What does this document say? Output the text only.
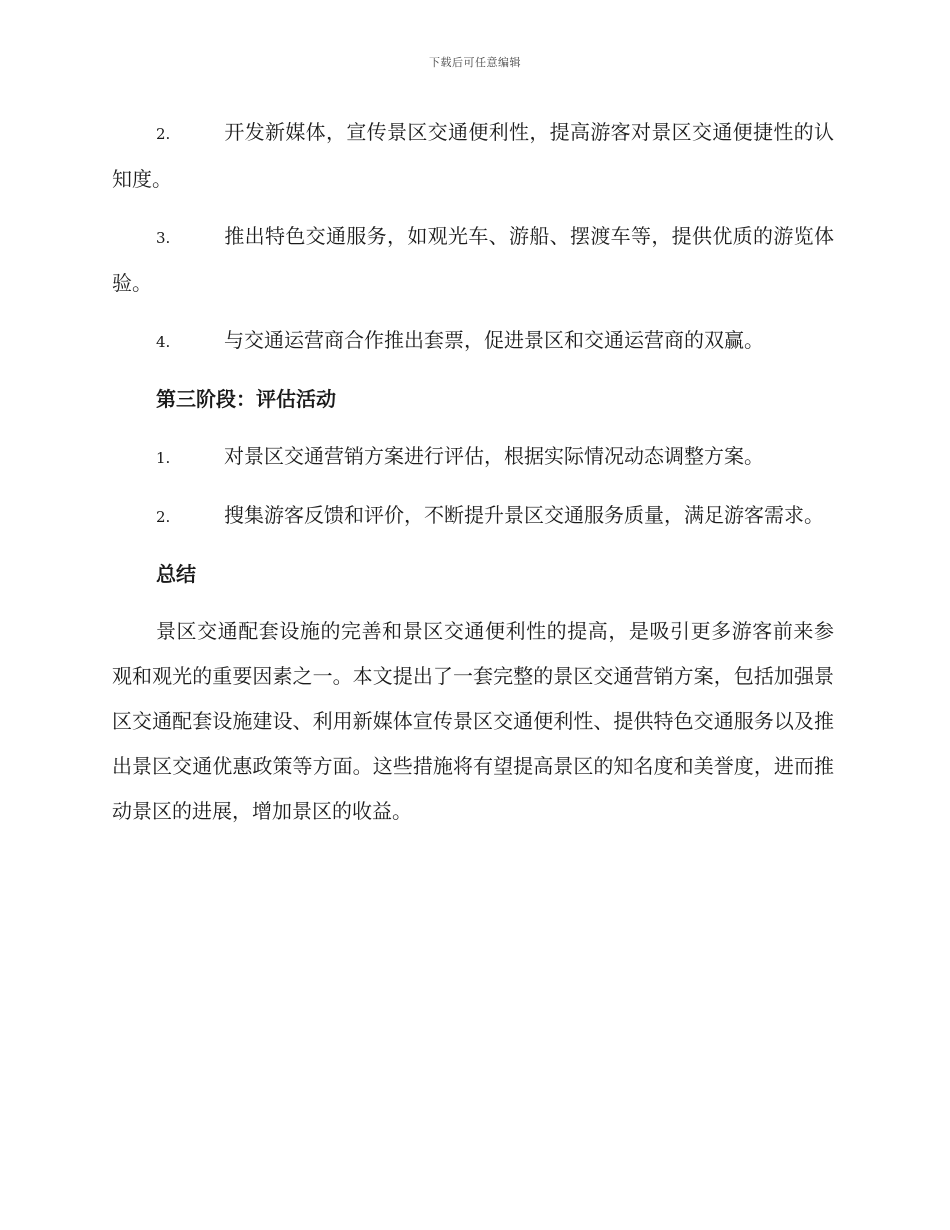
下载后可任意编辑

2.	开发新媒体，宣传景区交通便利性，提高游客对景区交通便捷性的认知度。

3.	推出特色交通服务，如观光车、游船、摆渡车等，提供优质的游览体验。

4.	与交通运营商合作推出套票，促进景区和交通运营商的双赢。

第三阶段：评估活动

1.	对景区交通营销方案进行评估，根据实际情况动态调整方案。

2.	搜集游客反馈和评价，不断提升景区交通服务质量，满足游客需求。

总结

景区交通配套设施的完善和景区交通便利性的提高，是吸引更多游客前来参观和观光的重要因素之一。本文提出了一套完整的景区交通营销方案，包括加强景区交通配套设施建设、利用新媒体宣传景区交通便利性、提供特色交通服务以及推出景区交通优惠政策等方面。这些措施将有望提高景区的知名度和美誉度，进而推动景区的进展，增加景区的收益。
